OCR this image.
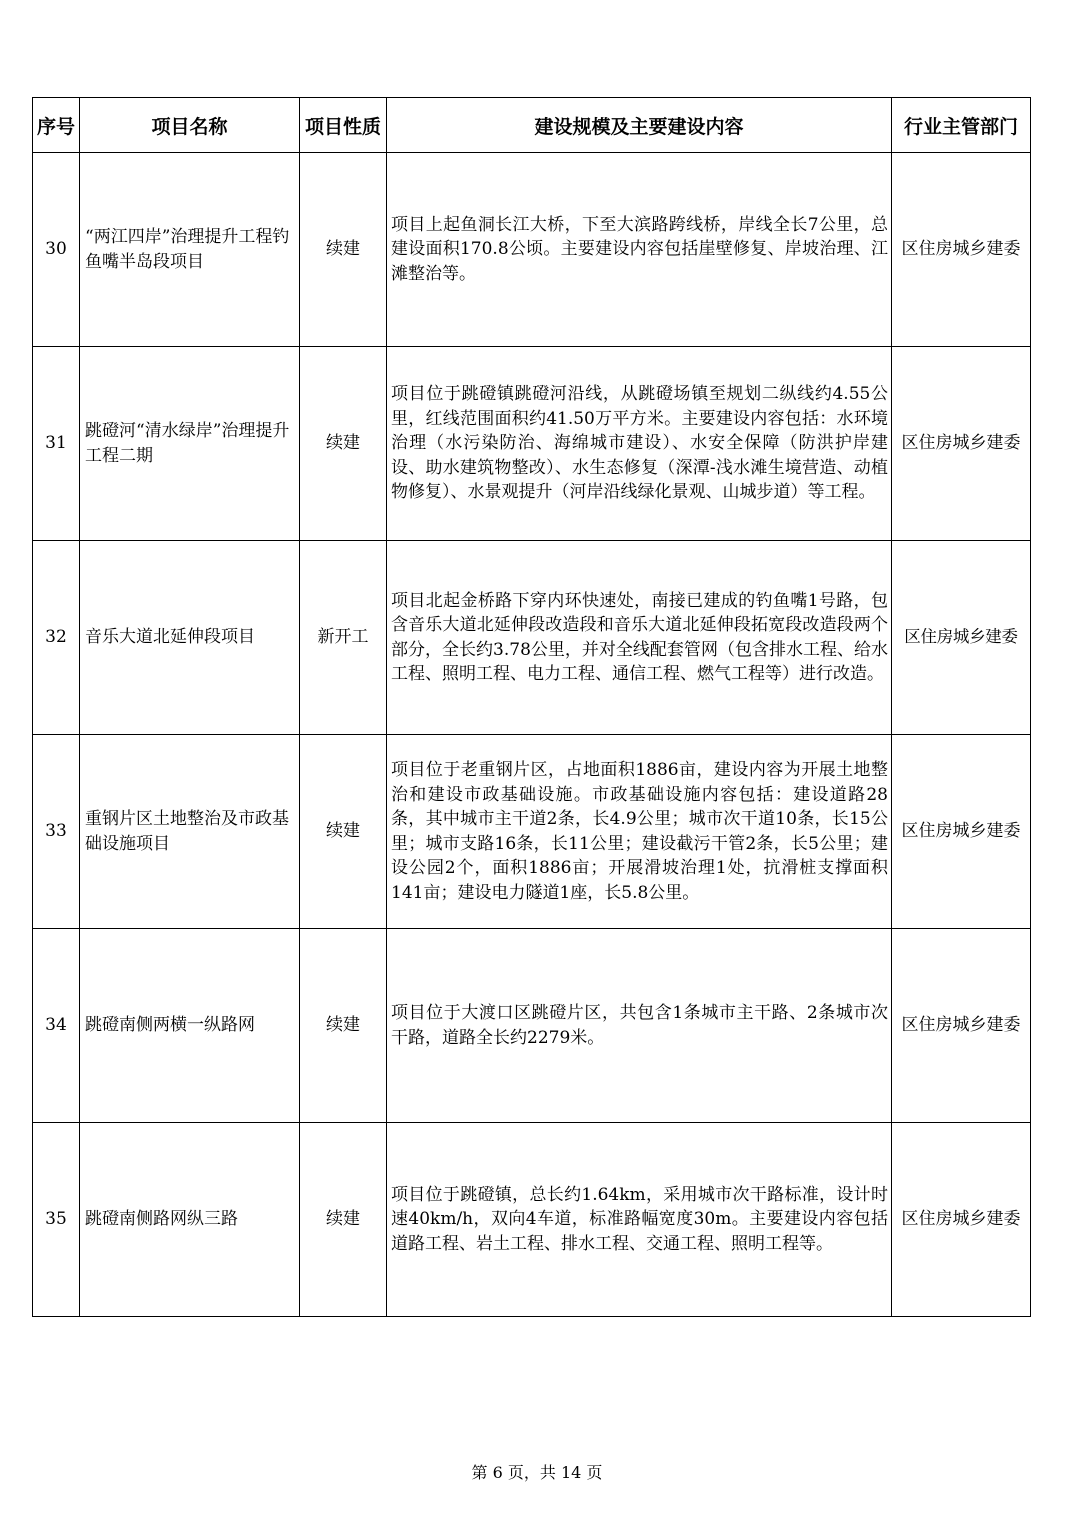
序号	项目名称	项目性质	建设规模及主要建设内容	行业主管部门
30	“两江四岸”治理提升工程钓鱼嘴半岛段项目	续建	项目上起鱼洞长江大桥，下至大滨路跨线桥，岸线全长7公里，总建设面积170.8公顷。主要建设内容包括崖壁修复、岸坡治理、江滩整治等。	区住房城乡建委
31	跳磴河“清水绿岸”治理提升工程二期	续建	项目位于跳磴镇跳磴河沿线，从跳磴场镇至规划二纵线约4.55公里，红线范围面积约41.50万平方米。主要建设内容包括：水环境治理（水污染防治、海绵城市建设）、水安全保障（防洪护岸建设、助水建筑物整改）、水生态修复（深潭-浅水滩生境营造、动植物修复）、水景观提升（河岸沿线绿化景观、山城步道）等工程。	区住房城乡建委
32	音乐大道北延伸段项目	新开工	项目北起金桥路下穿内环快速处，南接已建成的钓鱼嘴1号路，包含音乐大道北延伸段改造段和音乐大道北延伸段拓宽段改造段两个部分，全长约3.78公里，并对全线配套管网（包含排水工程、给水工程、照明工程、电力工程、通信工程、燃气工程等）进行改造。	区住房城乡建委
33	重钢片区土地整治及市政基础设施项目	续建	项目位于老重钢片区，占地面积1886亩，建设内容为开展土地整治和建设市政基础设施。市政基础设施内容包括：建设道路28条，其中城市主干道2条，长4.9公里；城市次干道10条，长15公里；城市支路16条，长11公里；建设截污干管2条，长5公里；建设公园2个，面积1886亩；开展滑坡治理1处，抗滑桩支撑面积141亩；建设电力隧道1座，长5.8公里。	区住房城乡建委
34	跳磴南侧两横一纵路网	续建	项目位于大渡口区跳磴片区，共包含1条城市主干路、2条城市次干路，道路全长约2279米。	区住房城乡建委
35	跳磴南侧路网纵三路	续建	项目位于跳磴镇，总长约1.64km，采用城市次干路标准，设计时速40km/h，双向4车道，标准路幅宽度30m。主要建设内容包括道路工程、岩土工程、排水工程、交通工程、照明工程等。	区住房城乡建委
第 6 页，共 14 页
